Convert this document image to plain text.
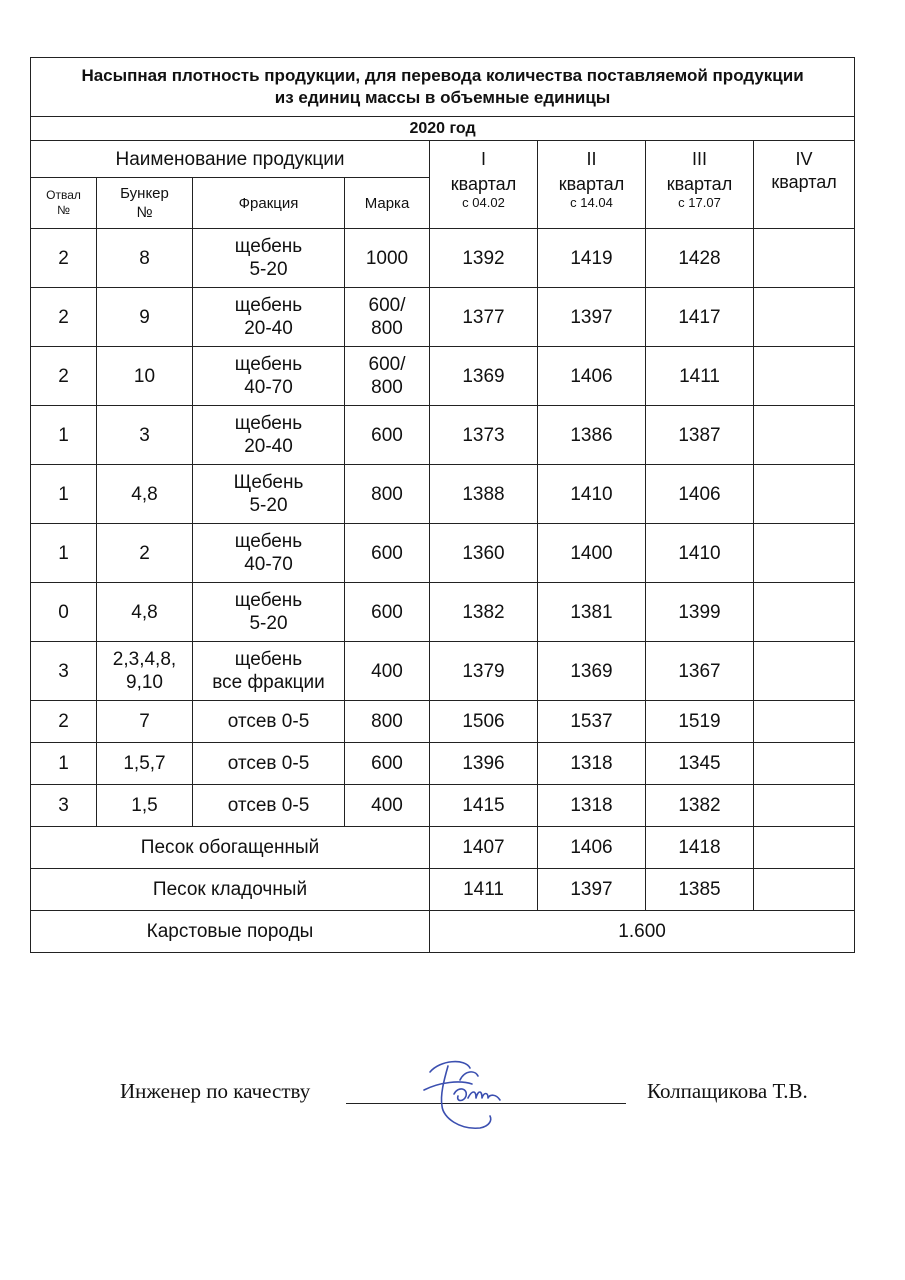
Насыпная плотность продукции, для перевода количества поставляемой продукции
из единиц массы в объемные единицы							
2020 год							
Наименование продукции				I
квартал
с 04.02	II
квартал
с 14.04	III
квартал
с 17.07	IV
квартал

Отвал
№	Бункер
№	Фракция	Марка				
2	8	щебень
5-20	1000	1392	1419	1428	
2	9	щебень
20-40	600/
800	1377	1397	1417	
2	10	щебень
40-70	600/
800	1369	1406	1411	
1	3	щебень
20-40	600	1373	1386	1387	
1	4,8	Щебень
5-20	800	1388	1410	1406	
1	2	щебень
40-70	600	1360	1400	1410	
0	4,8	щебень
5-20	600	1382	1381	1399	
3	2,3,4,8,
9,10	щебень
все фракции	400	1379	1369	1367	
2	7	отсев 0-5	800	1506	1537	1519	
1	1,5,7	отсев 0-5	600	1396	1318	1345	
3	1,5	отсев 0-5	400	1415	1318	1382	
Песок обогащенный				1407	1406	1418	
Песок кладочный				1411	1397	1385	
Карстовые породы				1.600			
Инженер по качеству	Колпащикова Т.В.
